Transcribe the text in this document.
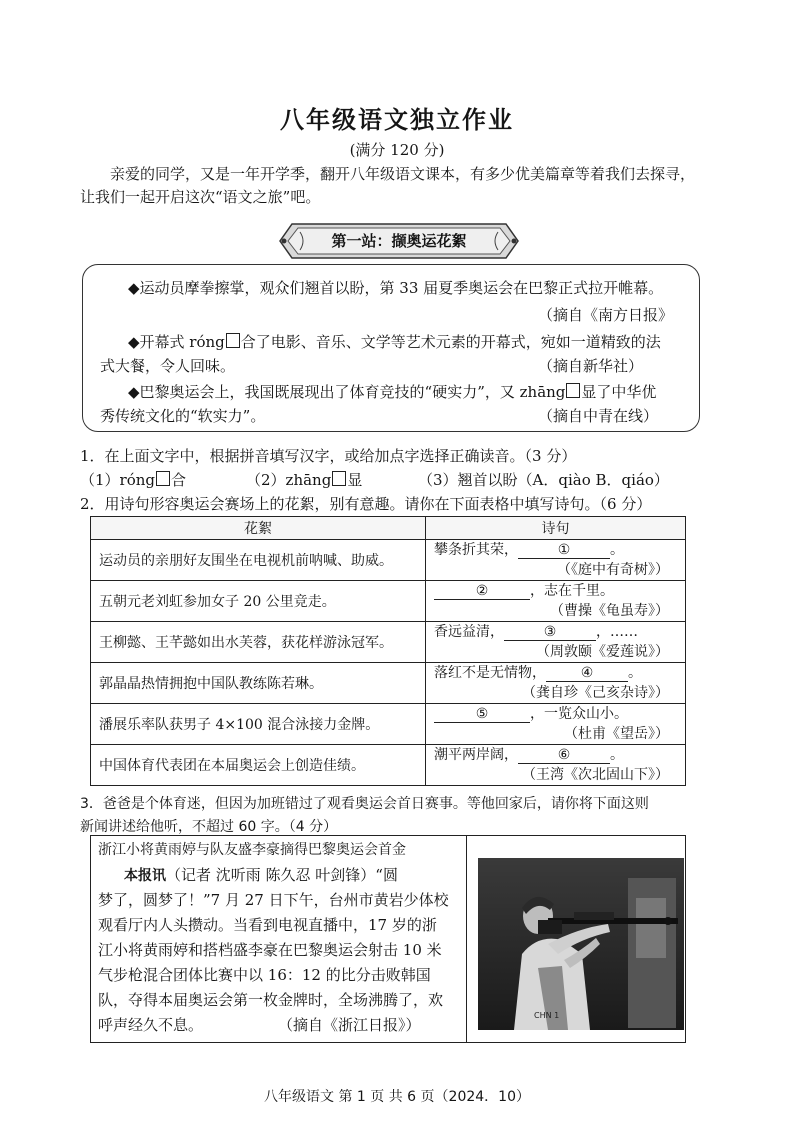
八年级语文独立作业
(满分 120 分)
亲爱的同学，又是一年开学季，翻开八年级语文课本，有多少优美篇章等着我们去探寻，
让我们一起开启这次“语文之旅”吧。
第一站：撷奥运花絮
◆运动员摩拳擦掌，观众们翘首以盼，第 33 届夏季奥运会在巴黎正式拉开帷幕。
（摘自《南方日报》
◆开幕式 róng 合了电影、音乐、文学等艺术元素的开幕式，宛如一道精致的法
式大餐，令人回味。	（摘自新华社）
◆巴黎奥运会上，我国既展现出了体育竞技的“硬实力”，又 zhāng 显了中华优
秀传统文化的“软实力”。	（摘自中青在线）
1．在上面文字中，根据拼音填写汉字，或给加点字选择正确读音。（3 分）
（1）róng 合	（2）zhāng 显	（3）翘首以盼（A．qiào B．qiáo）
2．用诗句形容奥运会赛场上的花絮，别有意趣。请你在下面表格中填写诗句。（6 分）
花絮	诗句
运动员的亲朋好友围坐在电视机前呐喊、助威。	攀条折其荣， ① 。
（《庭中有奇树》）

五朝元老刘虹参加女子 20 公里竞走。	② ，志在千里。
（曹操《龟虽寿》）

王柳懿、王芊懿如出水芙蓉，获花样游泳冠军。	香远益清， ③ ，……
（周敦颐《爱莲说》）

郭晶晶热情拥抱中国队教练陈若琳。	落红不是无情物， ④ 。
（龚自珍《己亥杂诗》）

潘展乐率队获男子 4×100 混合泳接力金牌。	⑤ ，一览众山小。
（杜甫《望岳》）

中国体育代表团在本届奥运会上创造佳绩。	潮平两岸阔， ⑥ 。
（王湾《次北固山下》）
3．爸爸是个体育迷，但因为加班错过了观看奥运会首日赛事。等他回家后，请你将下面这则
新闻讲述给他听，不超过 60 字。（4 分）
浙江小将黄雨婷与队友盛李豪摘得巴黎奥运会首金
本报讯（记者 沈听雨 陈久忍 叶剑锋）“圆
梦了，圆梦了！”7 月 27 日下午，台州市黄岩少体校
观看厅内人头攒动。当看到电视直播中，17 岁的浙
江小将黄雨婷和搭档盛李豪在巴黎奥运会射击 10 米
气步枪混合团体比赛中以 16：12 的比分击败韩国
队，夺得本届奥运会第一枚金牌时，全场沸腾了，欢
呼声经久不息。	（摘自《浙江日报》）
CHN 1
八年级语文 第 1 页 共 6 页（2024．10）
